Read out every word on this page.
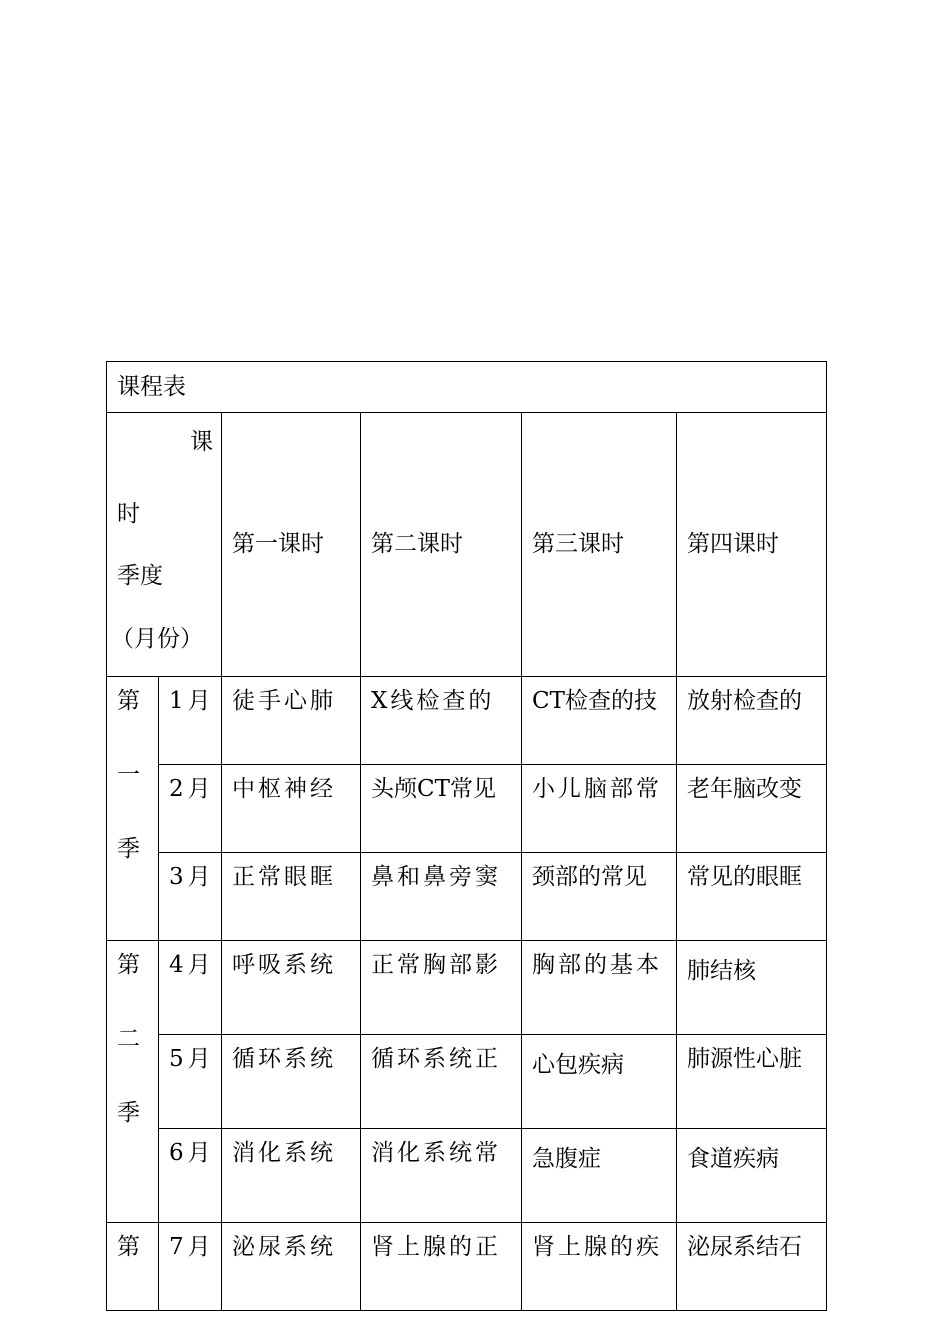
课程表					

课
时
季度
（月份）		第一课时	第二课时	第三课时	第四课时

第
一
季	1月	徒手心肺	X线检查的	CT检查的技	放射检查的
	2月	中枢神经	头颅CT常见	小儿脑部常	老年脑改变
	3月	正常眼眶	鼻和鼻旁窦	颈部的常见	常见的眼眶

第
二
季	4月	呼吸系统	正常胸部影	胸部的基本	肺结核
	5月	循环系统	循环系统正	心包疾病	肺源性心脏
	6月	消化系统	消化系统常	急腹症	食道疾病

第	7月	泌尿系统	肾上腺的正	肾上腺的疾	泌尿系结石
